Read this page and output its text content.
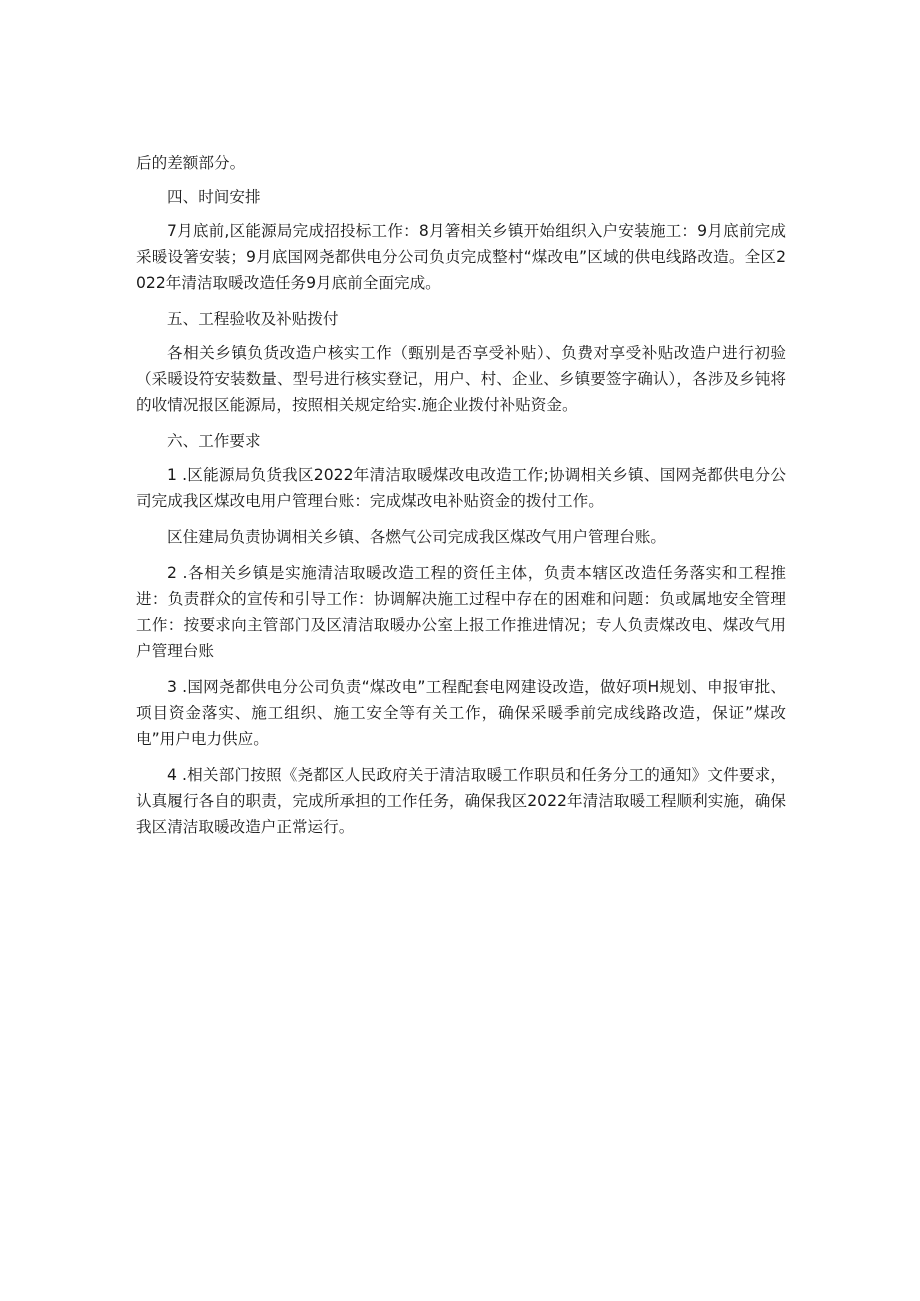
后的差额部分。

四、时间安排

7月底前,区能源局完成招投标工作：8月箸相关乡镇开始组织入户安装施工：9月底前完成采暖设箸安装；9月底国网尧都供电分公司负贞完成整村“煤改电”区域的供电线路改造。全区2022年清洁取暖改造任务9月底前全面完成。

五、工程验收及补贴拨付

各相关乡镇负货改造户核实工作（甄别是否享受补贴）、负费对享受补贴改造户进行初验（采暖设符安装数量、型号进行核实登记，用户、村、企业、乡镇要签字确认），各涉及乡钝将的收情况报区能源局，按照相关规定给实.施企业拨付补贴资金。

六、工作要求

1 .区能源局负货我区2022年清洁取暖煤改电改造工作;协调相关乡镇、国网尧都供电分公司完成我区煤改电用户管理台账：完成煤改电补贴资金的拨付工作。

区住建局负责协调相关乡镇、各燃气公司完成我区煤改气用户管理台账。

2 .各相关乡镇是实施清洁取暖改造工程的资任主体，负责本辖区改造任务落实和工程推进：负责群众的宣传和引导工作：协调解决施工过程中存在的困难和问题：负或属地安全管理工作：按要求向主管部门及区清洁取暖办公室上报工作推进情况；专人负责煤改电、煤改气用户管理台账

3 .国网尧都供电分公司负责“煤改电”工程配套电网建设改造，做好项H规划、申报审批、项目资金落实、施工组织、施工安全等有关工作，确保采暖季前完成线路改造，保证”煤改电”用户电力供应。

4 .相关部门按照《尧都区人民政府关于清洁取暖工作职员和任务分工的通知》文件要求，认真履行各自的职责，完成所承担的工作任务，确保我区2022年清洁取暖工程顺利实施，确保我区清洁取暖改造户正常运行。
